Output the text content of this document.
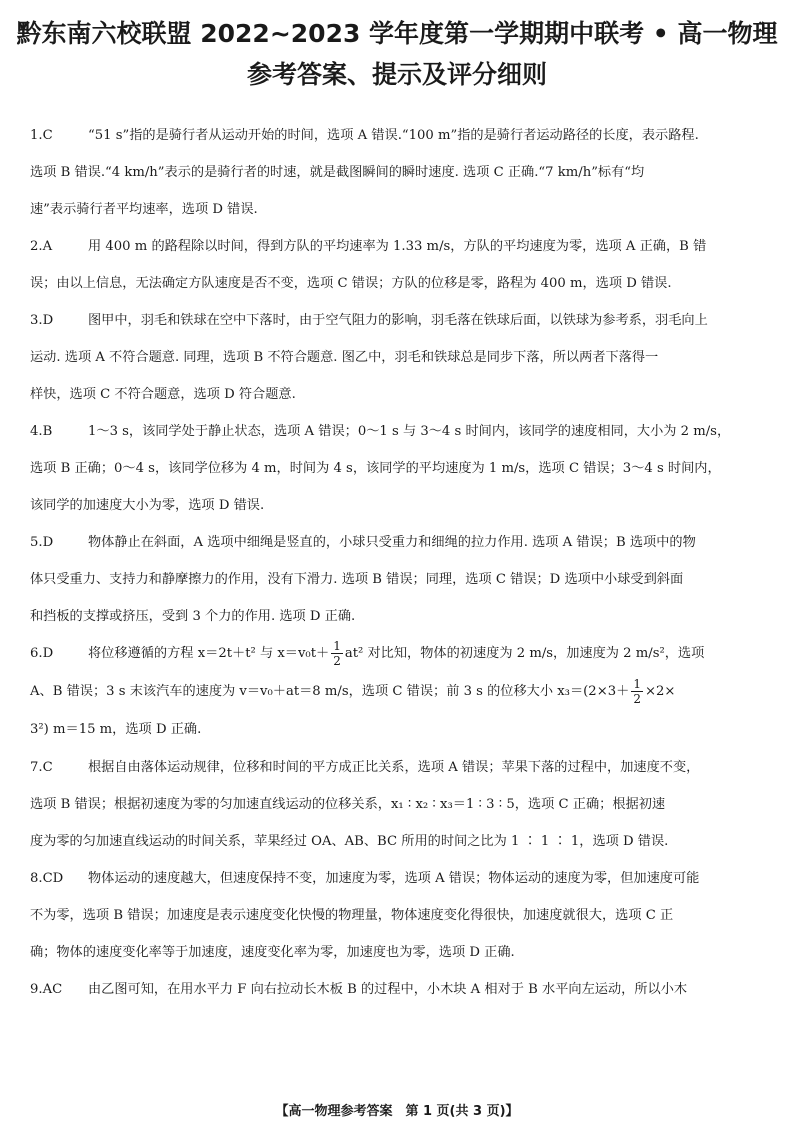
黔东南六校联盟 2022~2023 学年度第一学期期中联考 • 高一物理
参考答案、提示及评分细则

1.C	“51 s”指的是骑行者从运动开始的时间，选项 A 错误.“100 m”指的是骑行者运动路径的长度，表示路程.

选项 B 错误.“4 km/h”表示的是骑行者的时速，就是截图瞬间的瞬时速度. 选项 C 正确.“7 km/h”标有“均

速”表示骑行者平均速率，选项 D 错误.

2.A	用 400 m 的路程除以时间，得到方队的平均速率为 1.33 m/s，方队的平均速度为零，选项 A 正确，B 错

误；由以上信息，无法确定方队速度是否不变，选项 C 错误；方队的位移是零，路程为 400 m，选项 D 错误.

3.D	图甲中，羽毛和铁球在空中下落时，由于空气阻力的影响，羽毛落在铁球后面，以铁球为参考系，羽毛向上

运动. 选项 A 不符合题意. 同理，选项 B 不符合题意. 图乙中，羽毛和铁球总是同步下落，所以两者下落得一

样快，选项 C 不符合题意，选项 D 符合题意.

4.B	1～3 s，该同学处于静止状态，选项 A 错误；0～1 s 与 3～4 s 时间内，该同学的速度相同，大小为 2 m/s，

选项 B 正确；0～4 s，该同学位移为 4 m，时间为 4 s，该同学的平均速度为 1 m/s，选项 C 错误；3～4 s 时间内，

该同学的加速度大小为零，选项 D 错误.

5.D	物体静止在斜面，A 选项中细绳是竖直的，小球只受重力和细绳的拉力作用. 选项 A 错误；B 选项中的物

体只受重力、支持力和静摩擦力的作用，没有下滑力. 选项 B 错误；同理，选项 C 错误；D 选项中小球受到斜面

和挡板的支撑或挤压，受到 3 个力的作用. 选项 D 正确.

6.D	将位移遵循的方程 x＝2t＋t² 与 $x=v_0t+ \frac{1}{2} at^2$ 对比知，物体的初速度为 2 m/s，加速度为 2 m/s²，选项

A、B 错误；3 s 末该汽车的速度为 v＝v₀＋at＝8 m/s，选项 C 错误；前 3 s 的位移大小 $x_3=(2\times 3+ \frac{1}{2} \times 2\times$

3²) m＝15 m，选项 D 正确.

7.C	根据自由落体运动规律，位移和时间的平方成正比关系，选项 A 错误；苹果下落的过程中，加速度不变，

选项 B 错误；根据初速度为零的匀加速直线运动的位移关系，x₁ ∶ x₂ ∶ x₃＝1 ∶ 3 ∶ 5，选项 C 正确；根据初速

度为零的匀加速直线运动的时间关系，苹果经过 OA、AB、BC 所用的时间之比为 1 ∶ 1 ∶ 1，选项 D 错误.

8.CD 物体运动的速度越大，但速度保持不变，加速度为零，选项 A 错误；物体运动的速度为零，但加速度可能

不为零，选项 B 错误；加速度是表示速度变化快慢的物理量，物体速度变化得很快，加速度就很大，选项 C 正

确；物体的速度变化率等于加速度，速度变化率为零，加速度也为零，选项 D 正确.

9.AC 由乙图可知，在用水平力 F 向右拉动长木板 B 的过程中，小木块 A 相对于 B 水平向左运动，所以小木

【高一物理参考答案　第 1 页(共 3 页)】
